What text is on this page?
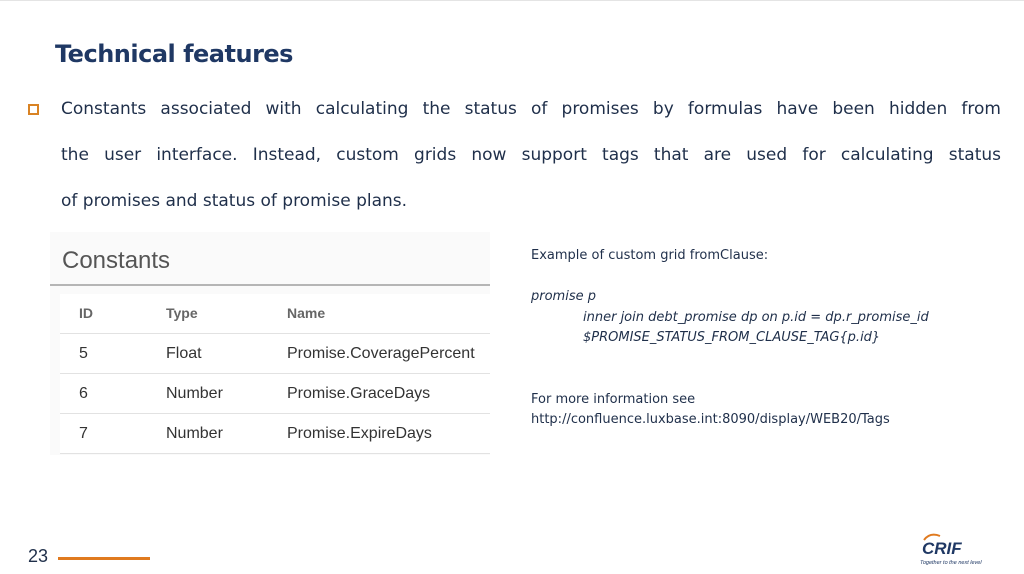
Technical features
Constants associated with calculating the status of promises by formulas have been hidden from
the user interface. Instead, custom grids now support tags that are used for calculating status
of promises and status of promise plans.
Constants
ID	Type	Name
5	Float	Promise.CoveragePercent
6	Number	Promise.GraceDays
7	Number	Promise.ExpireDays
Example of custom grid fromClause:
promise p
inner join debt_promise dp on p.id = dp.r_promise_id
$PROMISE_STATUS_FROM_CLAUSE_TAG{p.id}
For more information see
http://confluence.luxbase.int:8090/display/WEB20/Tags
23	CRIF
Together to the next level
